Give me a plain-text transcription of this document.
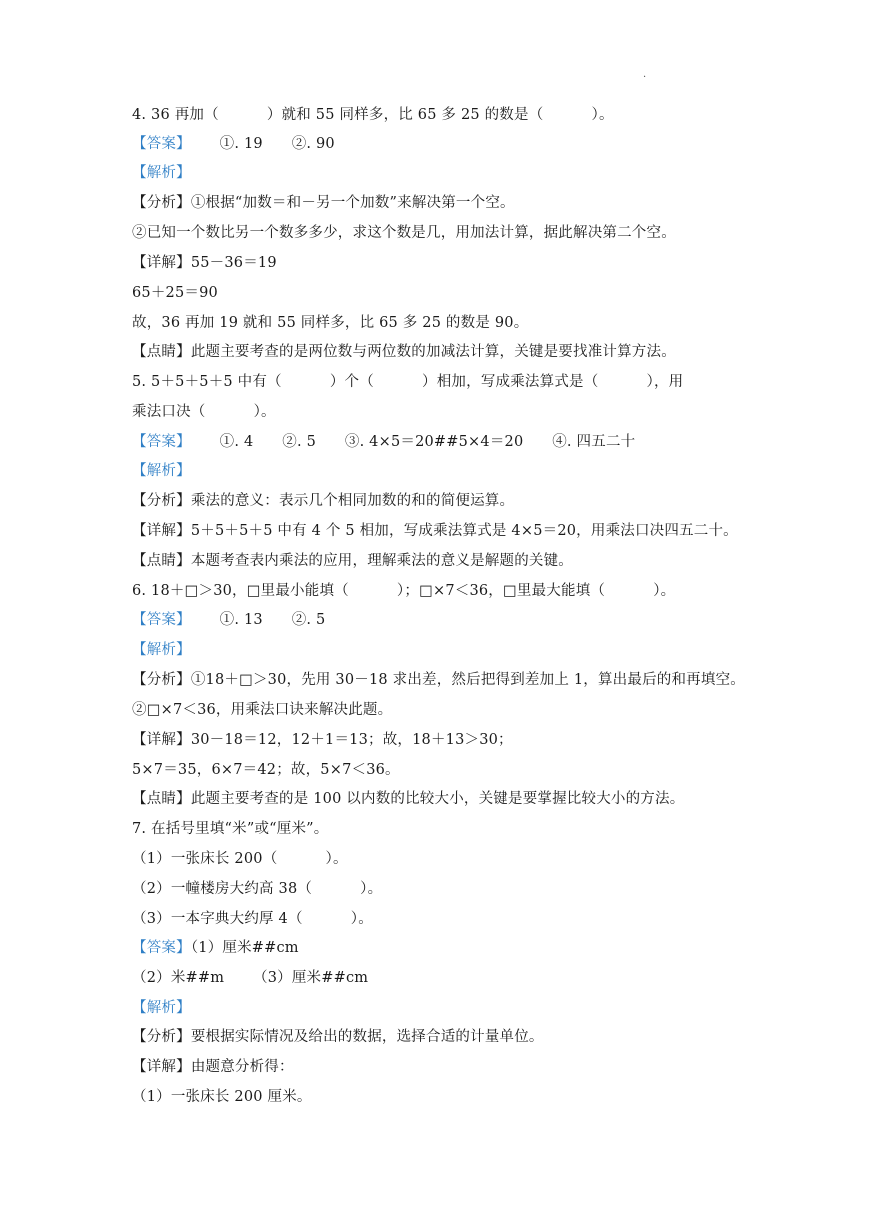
·
4. 36 再加（          ）就和 55 同样多，比 65 多 25 的数是（          ）。
【答案】      ①. 19      ②. 90
【解析】
【分析】①根据“加数＝和－另一个加数”来解决第一个空。
②已知一个数比另一个数多多少，求这个数是几，用加法计算，据此解决第二个空。
【详解】55－36＝19
65＋25＝90
故，36 再加 19 就和 55 同样多，比 65 多 25 的数是 90。
【点睛】此题主要考查的是两位数与两位数的加减法计算，关键是要找准计算方法。
5. 5＋5＋5＋5 中有（          ）个（          ）相加，写成乘法算式是（          ），用
乘法口决（          ）。
【答案】      ①. 4      ②. 5      ③. 4×5＝20##5×4＝20      ④. 四五二十
【解析】
【分析】乘法的意义：表示几个相同加数的和的简便运算。
【详解】5＋5＋5＋5 中有 4 个 5 相加，写成乘法算式是 4×5＝20，用乘法口决四五二十。
【点睛】本题考查表内乘法的应用，理解乘法的意义是解题的关键。
6. 18＋□＞30，□里最小能填（          ）；□×7＜36，□里最大能填（          ）。
【答案】      ①. 13      ②. 5
【解析】
【分析】①18＋□＞30，先用 30－18 求出差，然后把得到差加上 1，算出最后的和再填空。
②□×7＜36，用乘法口诀来解决此题。
【详解】30－18＝12，12＋1＝13；故，18＋13＞30；
5×7＝35，6×7＝42；故，5×7＜36。
【点睛】此题主要考查的是 100 以内数的比较大小，关键是要掌握比较大小的方法。
7. 在括号里填“米”或“厘米”。
（1）一张床长 200（          ）。
（2）一幢楼房大约高 38（          ）。
（3）一本字典大约厚 4（          ）。
【答案】（1）厘米##cm
（2）米##m      （3）厘米##cm
【解析】
【分析】要根据实际情况及给出的数据，选择合适的计量单位。
【详解】由题意分析得：
（1）一张床长 200 厘米。
